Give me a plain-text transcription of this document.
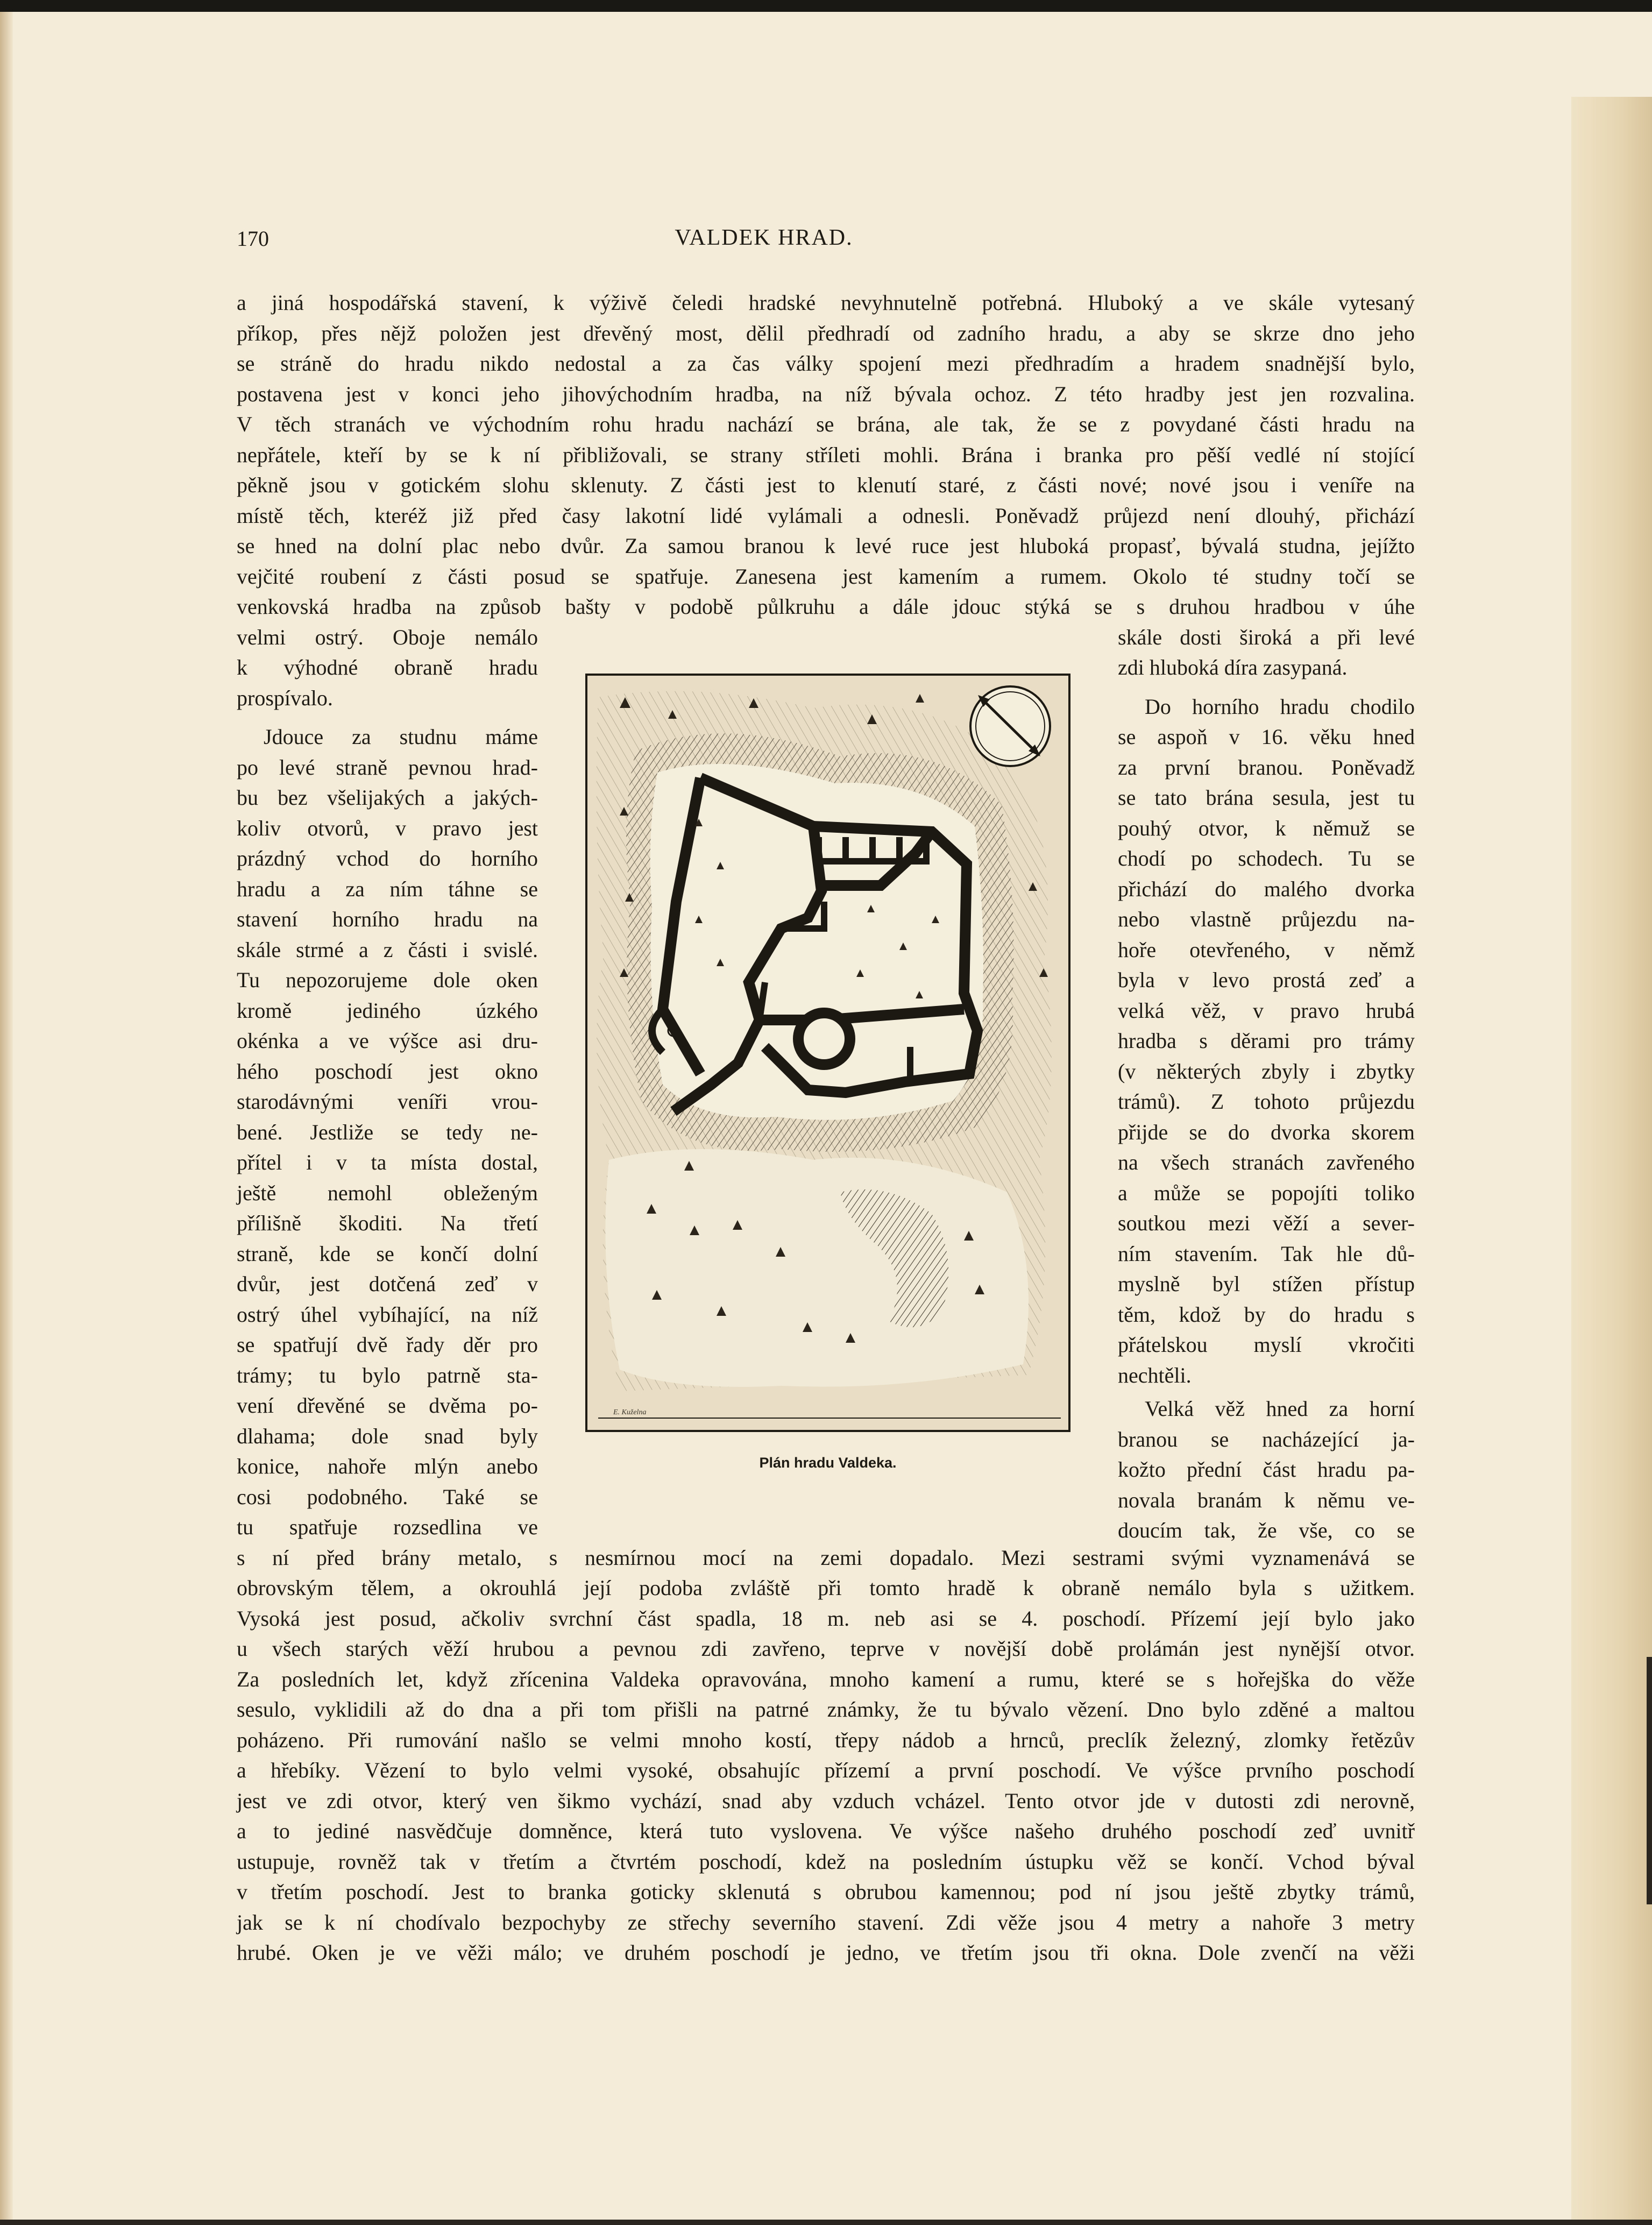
170	VALDEK HRAD.
a jiná hospodářská stavení, k výživě čeledi hradské nevyhnutelně potřebná. Hluboký a ve skále vytesaný
příkop, přes nějž položen jest dřevěný most, dělil předhradí od zadního hradu, a aby se skrze dno jeho
se stráně do hradu nikdo nedostal a za čas války spojení mezi předhradím a hradem snadnější bylo,
postavena jest v konci jeho jihovýchodním hradba, na níž bývala ochoz. Z této hradby jest jen rozvalina.
V těch stranách ve východním rohu hradu nachází se brána, ale tak, že se z povydané části hradu na
nepřátele, kteří by se k ní přibližovali, se strany stříleti mohli. Brána i branka pro pěší vedlé ní stojící
pěkně jsou v gotickém slohu sklenuty. Z části jest to klenutí staré, z části nové; nové jsou i veníře na
místě těch, kteréž již před časy lakotní lidé vylámali a odnesli. Poněvadž průjezd není dlouhý, přichází
se hned na dolní plac nebo dvůr. Za samou branou k levé ruce jest hluboká propasť, bývalá studna, jejížto
vejčité roubení z části posud se spatřuje. Zanesena jest kamením a rumem. Okolo té studny točí se
venkovská hradba na způsob bašty v podobě půlkruhu a dále jdouc stýká se s druhou hradbou v úhe
velmi ostrý. Oboje nemálo
k výhodné obraně hradu
prospívalo.
Jdouce za studnu máme
po levé straně pevnou hrad-
bu bez všelijakých a jakých-
koliv otvorů, v pravo jest
prázdný vchod do horního
hradu a za ním táhne se
stavení horního hradu na
skále strmé a z části i svislé.
Tu nepozorujeme dole oken
kromě jediného úzkého
okénka a ve výšce asi dru-
hého poschodí jest okno
starodávnými veníři vrou-
bené. Jestliže se tedy ne-
přítel i v ta místa dostal,
ještě nemohl obleženým
přílišně škoditi. Na třetí
straně, kde se končí dolní
dvůr, jest dotčená zeď v
ostrý úhel vybíhající, na níž
se spatřují dvě řady děr pro
trámy; tu bylo patrně sta-
vení dřevěné se dvěma po-
dlahama; dole snad byly
konice, nahoře mlýn anebo
cosi podobného. Také se
tu spatřuje rozsedlina ve
skále dosti široká a při levé
zdi hluboká díra zasypaná.
Do horního hradu chodilo
se aspoň v 16. věku hned
za první branou. Poněvadž
se tato brána sesula, jest tu
pouhý otvor, k němuž se
chodí po schodech. Tu se
přichází do malého dvorka
nebo vlastně průjezdu na-
hoře otevřeného, v němž
byla v levo prostá zeď a
velká věž, v pravo hrubá
hradba s děrami pro trámy
(v některých zbyly i zbytky
trámů). Z tohoto průjezdu
přijde se do dvorka skorem
na všech stranách zavřeného
a může se popojíti toliko
soutkou mezi věží a sever-
ním stavením. Tak hle dů-
myslně byl stížen přístup
těm, kdož by do hradu s
přátelskou myslí vkročiti
nechtěli.
Velká věž hned za horní
branou se nacházející ja-
kožto přední část hradu pa-
novala branám k němu ve-
doucím tak, že vše, co se
s ní před brány metalo, s nesmírnou mocí na zemi dopadalo. Mezi sestrami svými vyznamenává se
obrovským tělem, a okrouhlá její podoba zvláště při tomto hradě k obraně nemálo byla s užitkem.
Vysoká jest posud, ačkoliv svrchní část spadla, 18 m. neb asi se 4. poschodí. Přízemí její bylo jako
u všech starých věží hrubou a pevnou zdi zavřeno, teprve v novější době prolámán jest nynější otvor.
Za posledních let, když zřícenina Valdeka opravována, mnoho kamení a rumu, které se s hořejška do věže
sesulo, vyklidili až do dna a při tom přišli na patrné známky, že tu bývalo vězení. Dno bylo zděné a maltou
poházeno. Při rumování našlo se velmi mnoho kostí, třepy nádob a hrnců, preclík železný, zlomky řetězův
a hřebíky. Vězení to bylo velmi vysoké, obsahujíc přízemí a první poschodí. Ve výšce prvního poschodí
jest ve zdi otvor, který ven šikmo vychází, snad aby vzduch vcházel. Tento otvor jde v dutosti zdi nerovně,
a to jediné nasvědčuje domněnce, která tuto vyslovena. Ve výšce našeho druhého poschodí zeď uvnitř
ustupuje, rovněž tak v třetím a čtvrtém poschodí, kdež na posledním ústupku věž se končí. Vchod býval
v třetím poschodí. Jest to branka goticky sklenutá s obrubou kamennou; pod ní jsou ještě zbytky trámů,
jak se k ní chodívalo bezpochyby ze střechy severního stavení. Zdi věže jsou 4 metry a nahoře 3 metry
hrubé. Oken je ve věži málo; ve druhém poschodí je jedno, ve třetím jsou tři okna. Dole zvenčí na věži
E. Kuželna
Plán hradu Valdeka.
